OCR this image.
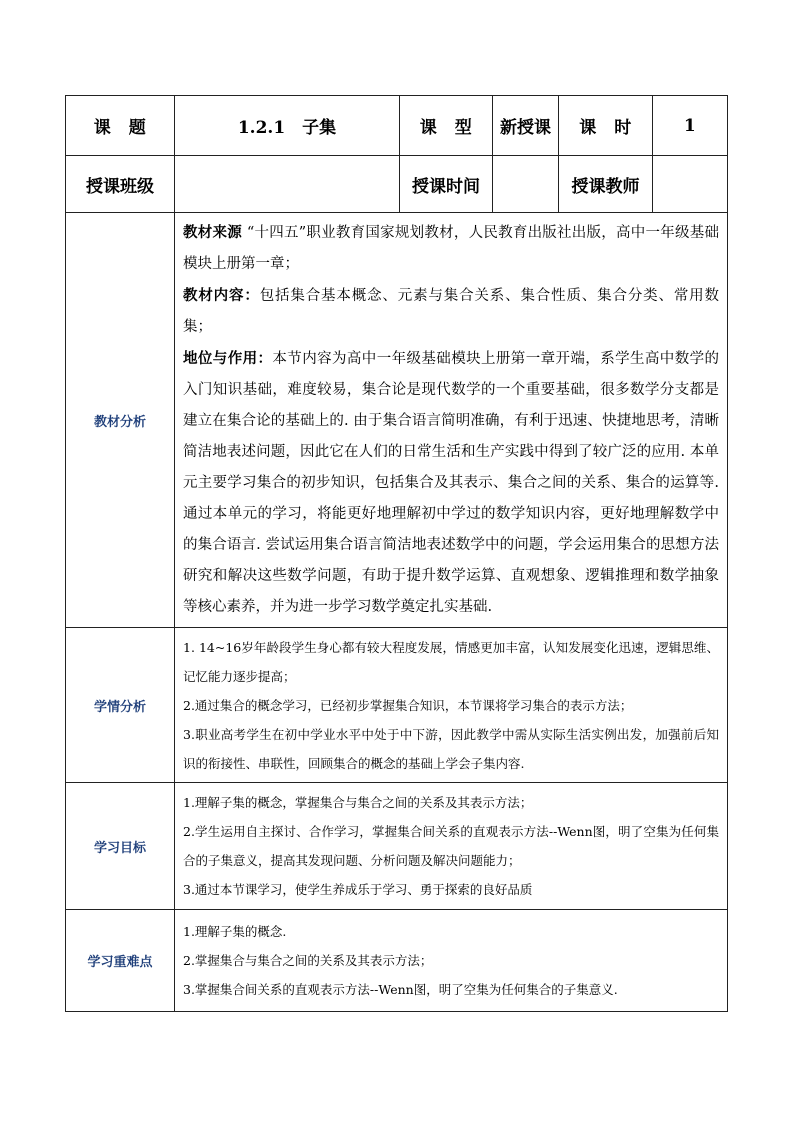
课　题	1.2.1　子集	课　型	新授课	课　时	1
授课班级		授课时间		授课教师	
教材分析	教材来源 “十四五”职业教育国家规划教材，人民教育出版社出版，高中一年级基础模块上册第一章；

教材内容：包括集合基本概念、元素与集合关系、集合性质、集合分类、常用数集；

地位与作用：本节内容为高中一年级基础模块上册第一章开端，系学生高中数学的入门知识基础，难度较易，集合论是现代数学的一个重要基础，很多数学分支都是建立在集合论的基础上的. 由于集合语言简明准确，有利于迅速、快捷地思考，清晰简洁地表述问题，因此它在人们的日常生活和生产实践中得到了较广泛的应用. 本单元主要学习集合的初步知识，包括集合及其表示、集合之间的关系、集合的运算等. 通过本单元的学习，将能更好地理解初中学过的数学知识内容，更好地理解数学中的集合语言. 尝试运用集合语言简洁地表述数学中的问题，学会运用集合的思想方法研究和解决这些数学问题，有助于提升数学运算、直观想象、逻辑推理和数学抽象等核心素养，并为进一步学习数学奠定扎实基础.				

学情分析	1. 14~16岁年龄段学生身心都有较大程度发展，情感更加丰富，认知发展变化迅速，逻辑思维、记忆能力逐步提高；

2.通过集合的概念学习，已经初步掌握集合知识，本节课将学习集合的表示方法；

3.职业高考学生在初中学业水平中处于中下游，因此教学中需从实际生活实例出发，加强前后知识的衔接性、串联性，回顾集合的概念的基础上学会子集内容.				

学习目标	1.理解子集的概念，掌握集合与集合之间的关系及其表示方法；

2.学生运用自主探讨、合作学习，掌握集合间关系的直观表示方法--Wenn图，明了空集为任何集合的子集意义，提高其发现问题、分析问题及解决问题能力；

3.通过本节课学习，使学生养成乐于学习、勇于探索的良好品质				

学习重难点	1.理解子集的概念.

2.掌握集合与集合之间的关系及其表示方法；

3.掌握集合间关系的直观表示方法--Wenn图，明了空集为任何集合的子集意义.				
